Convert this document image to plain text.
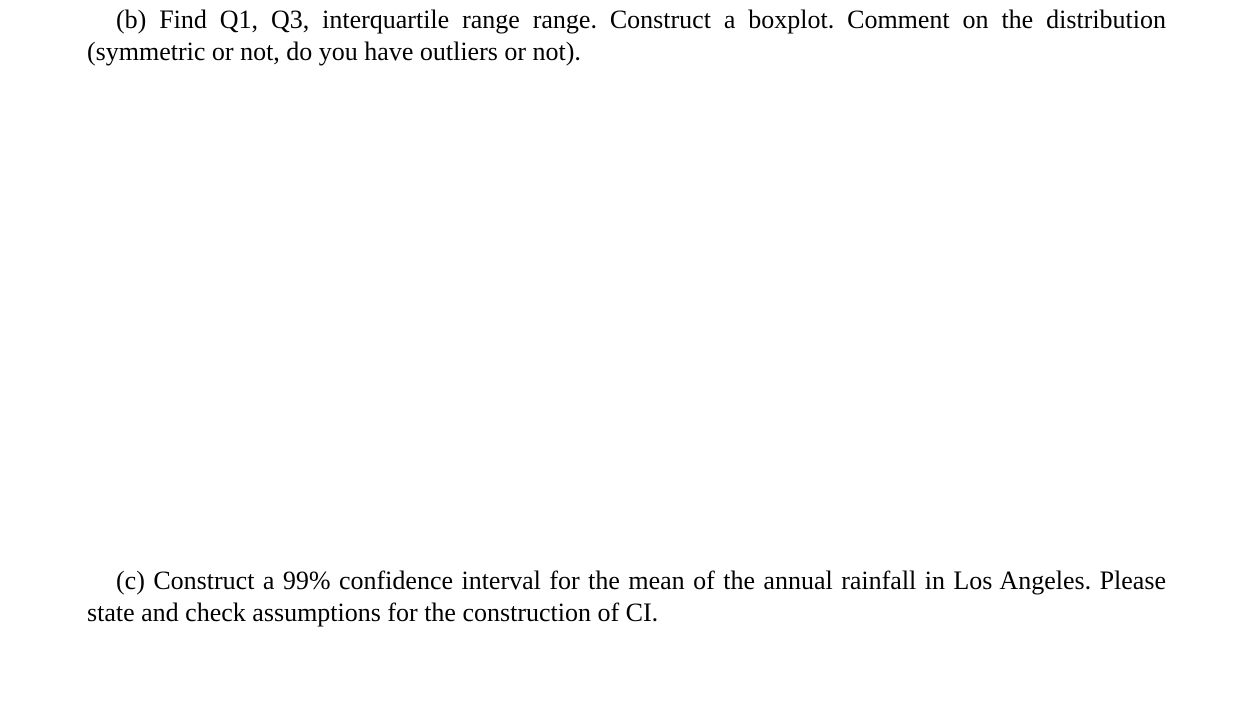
(b) Find Q1, Q3, interquartile range range. Construct a boxplot. Comment on the distribution (symmetric or not, do you have outliers or not).

(c) Construct a 99% confidence interval for the mean of the annual rainfall in Los Angeles. Please state and check assumptions for the construction of CI.
